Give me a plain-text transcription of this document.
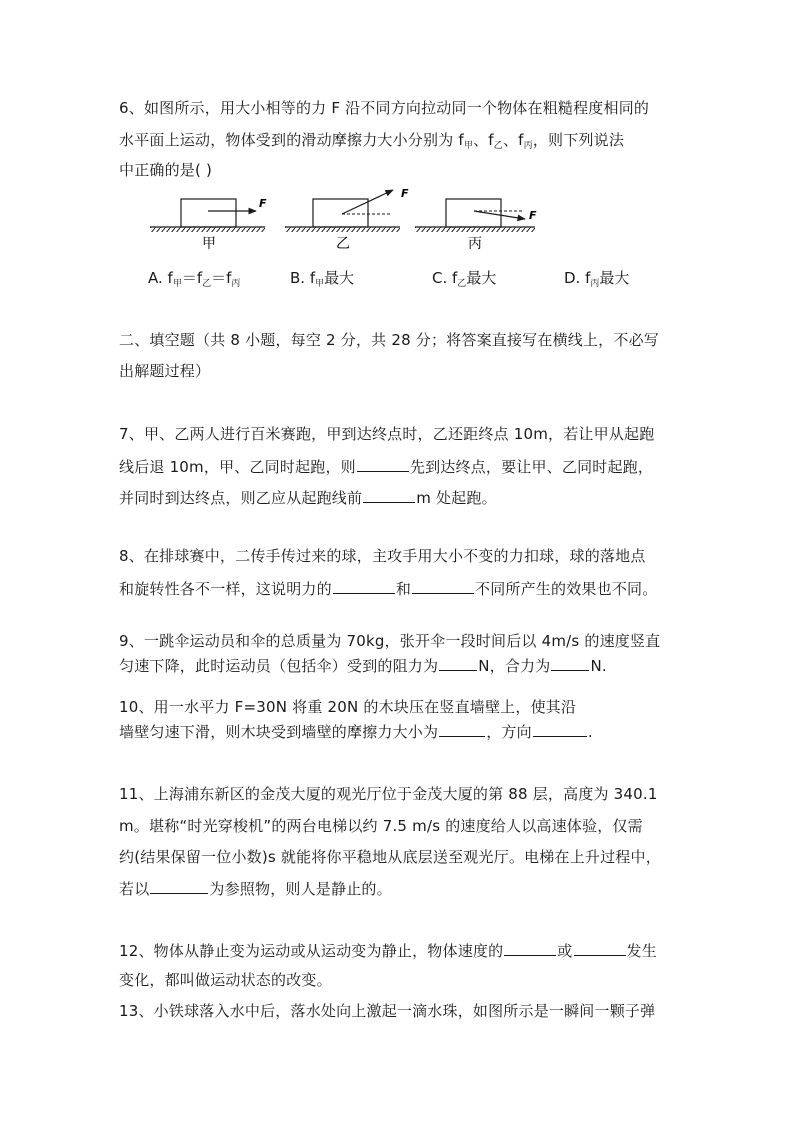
6、如图所示，用大小相等的力 F 沿不同方向拉动同一个物体在粗糙程度相同的
水平面上运动，物体受到的滑动摩擦力大小分别为 $f_甲$、$f_乙$、$f_丙$，则下列说法
中正确的是( )
F
甲
F
乙
F
丙
A. $f_甲=f_乙=f_丙$	B. $f_甲$最大	C. $f_乙$最大	D. $f_丙$最大
二、填空题（共 8 小题，每空 2 分，共 28 分；将答案直接写在横线上，不必写
出解题过程）
7、甲、乙两人进行百米赛跑，甲到达终点时，乙还距终点 10m，若让甲从起跑
线后退 10m，甲、乙同时起跑，则	先到达终点，要让甲、乙同时起跑，
并同时到达终点，则乙应从起跑线前	m 处起跑。
8、在排球赛中，二传手传过来的球，主攻手用大小不变的力扣球，球的落地点
和旋转性各不一样，这说明力的	和	不同所产生的效果也不同。
9、一跳伞运动员和伞的总质量为 70kg，张开伞一段时间后以 4m/s 的速度竖直
匀速下降，此时运动员（包括伞）受到的阻力为	N，合力为	N.
10、用一水平力 F=30N 将重 20N 的木块压在竖直墙壁上，使其沿
墙壁匀速下滑，则木块受到墙壁的摩擦力大小为	，方向	.
11、上海浦东新区的金茂大厦的观光厅位于金茂大厦的第 88 层，高度为 340.1
m。堪称“时光穿梭机”的两台电梯以约 7.5 m/s 的速度给人以高速体验，仅需
约(结果保留一位小数)s 就能将你平稳地从底层送至观光厅。电梯在上升过程中，
若以	为参照物，则人是静止的。
12、物体从静止变为运动或从运动变为静止，物体速度的	或	发生
变化，都叫做运动状态的改变。
13、小铁球落入水中后，落水处向上激起一滴水珠，如图所示是一瞬间一颗子弹
